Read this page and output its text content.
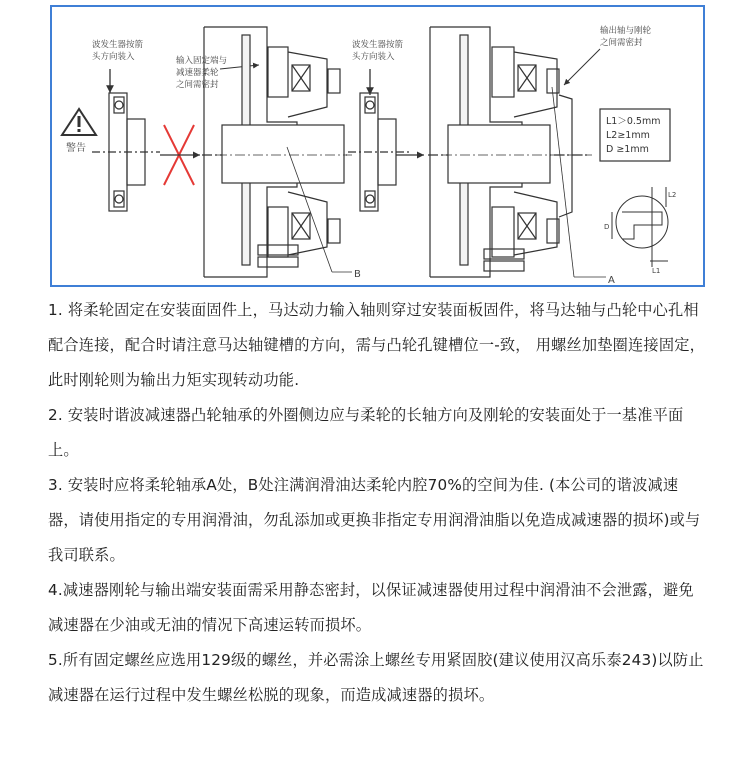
警告
波发生器按箭
头方向装入	输入固定端与
减速器柔轮
之间需密封
B
波发生器按箭
头方向装入
输出轴与刚轮
之间需密封
A
L1＞0.5mm
L2≥1mm
D ≥1mm
L2
D
L1

1. 将柔轮固定在安装面固件上，马达动力输入轴则穿过安装面板固件，将马达轴与凸轮中心孔相配合连接，配合时请注意马达轴键槽的方向，需与凸轮孔键槽位一-致， 用螺丝加垫圈连接固定，此时刚轮则为输出力矩实现转动功能.

2. 安装时谐波减速器凸轮轴承的外圈侧边应与柔轮的长轴方向及刚轮的安装面处于一基准平面上。

3. 安装时应将柔轮轴承A处，B处注满润滑油达柔轮内腔70%的空间为佳. (本公司的谐波减速器，请使用指定的专用润滑油，勿乱添加或更换非指定专用润滑油脂以免造成减速器的损坏)或与我司联系。

4.减速器刚轮与输出端安装面需采用静态密封，以保证减速器使用过程中润滑油不会泄露，避免减速器在少油或无油的情况下高速运转而损坏。

5.所有固定螺丝应选用129级的螺丝，并必需涂上螺丝专用紧固胶(建议使用汉高乐泰243)以防止减速器在运行过程中发生螺丝松脱的现象，而造成减速器的损坏。
